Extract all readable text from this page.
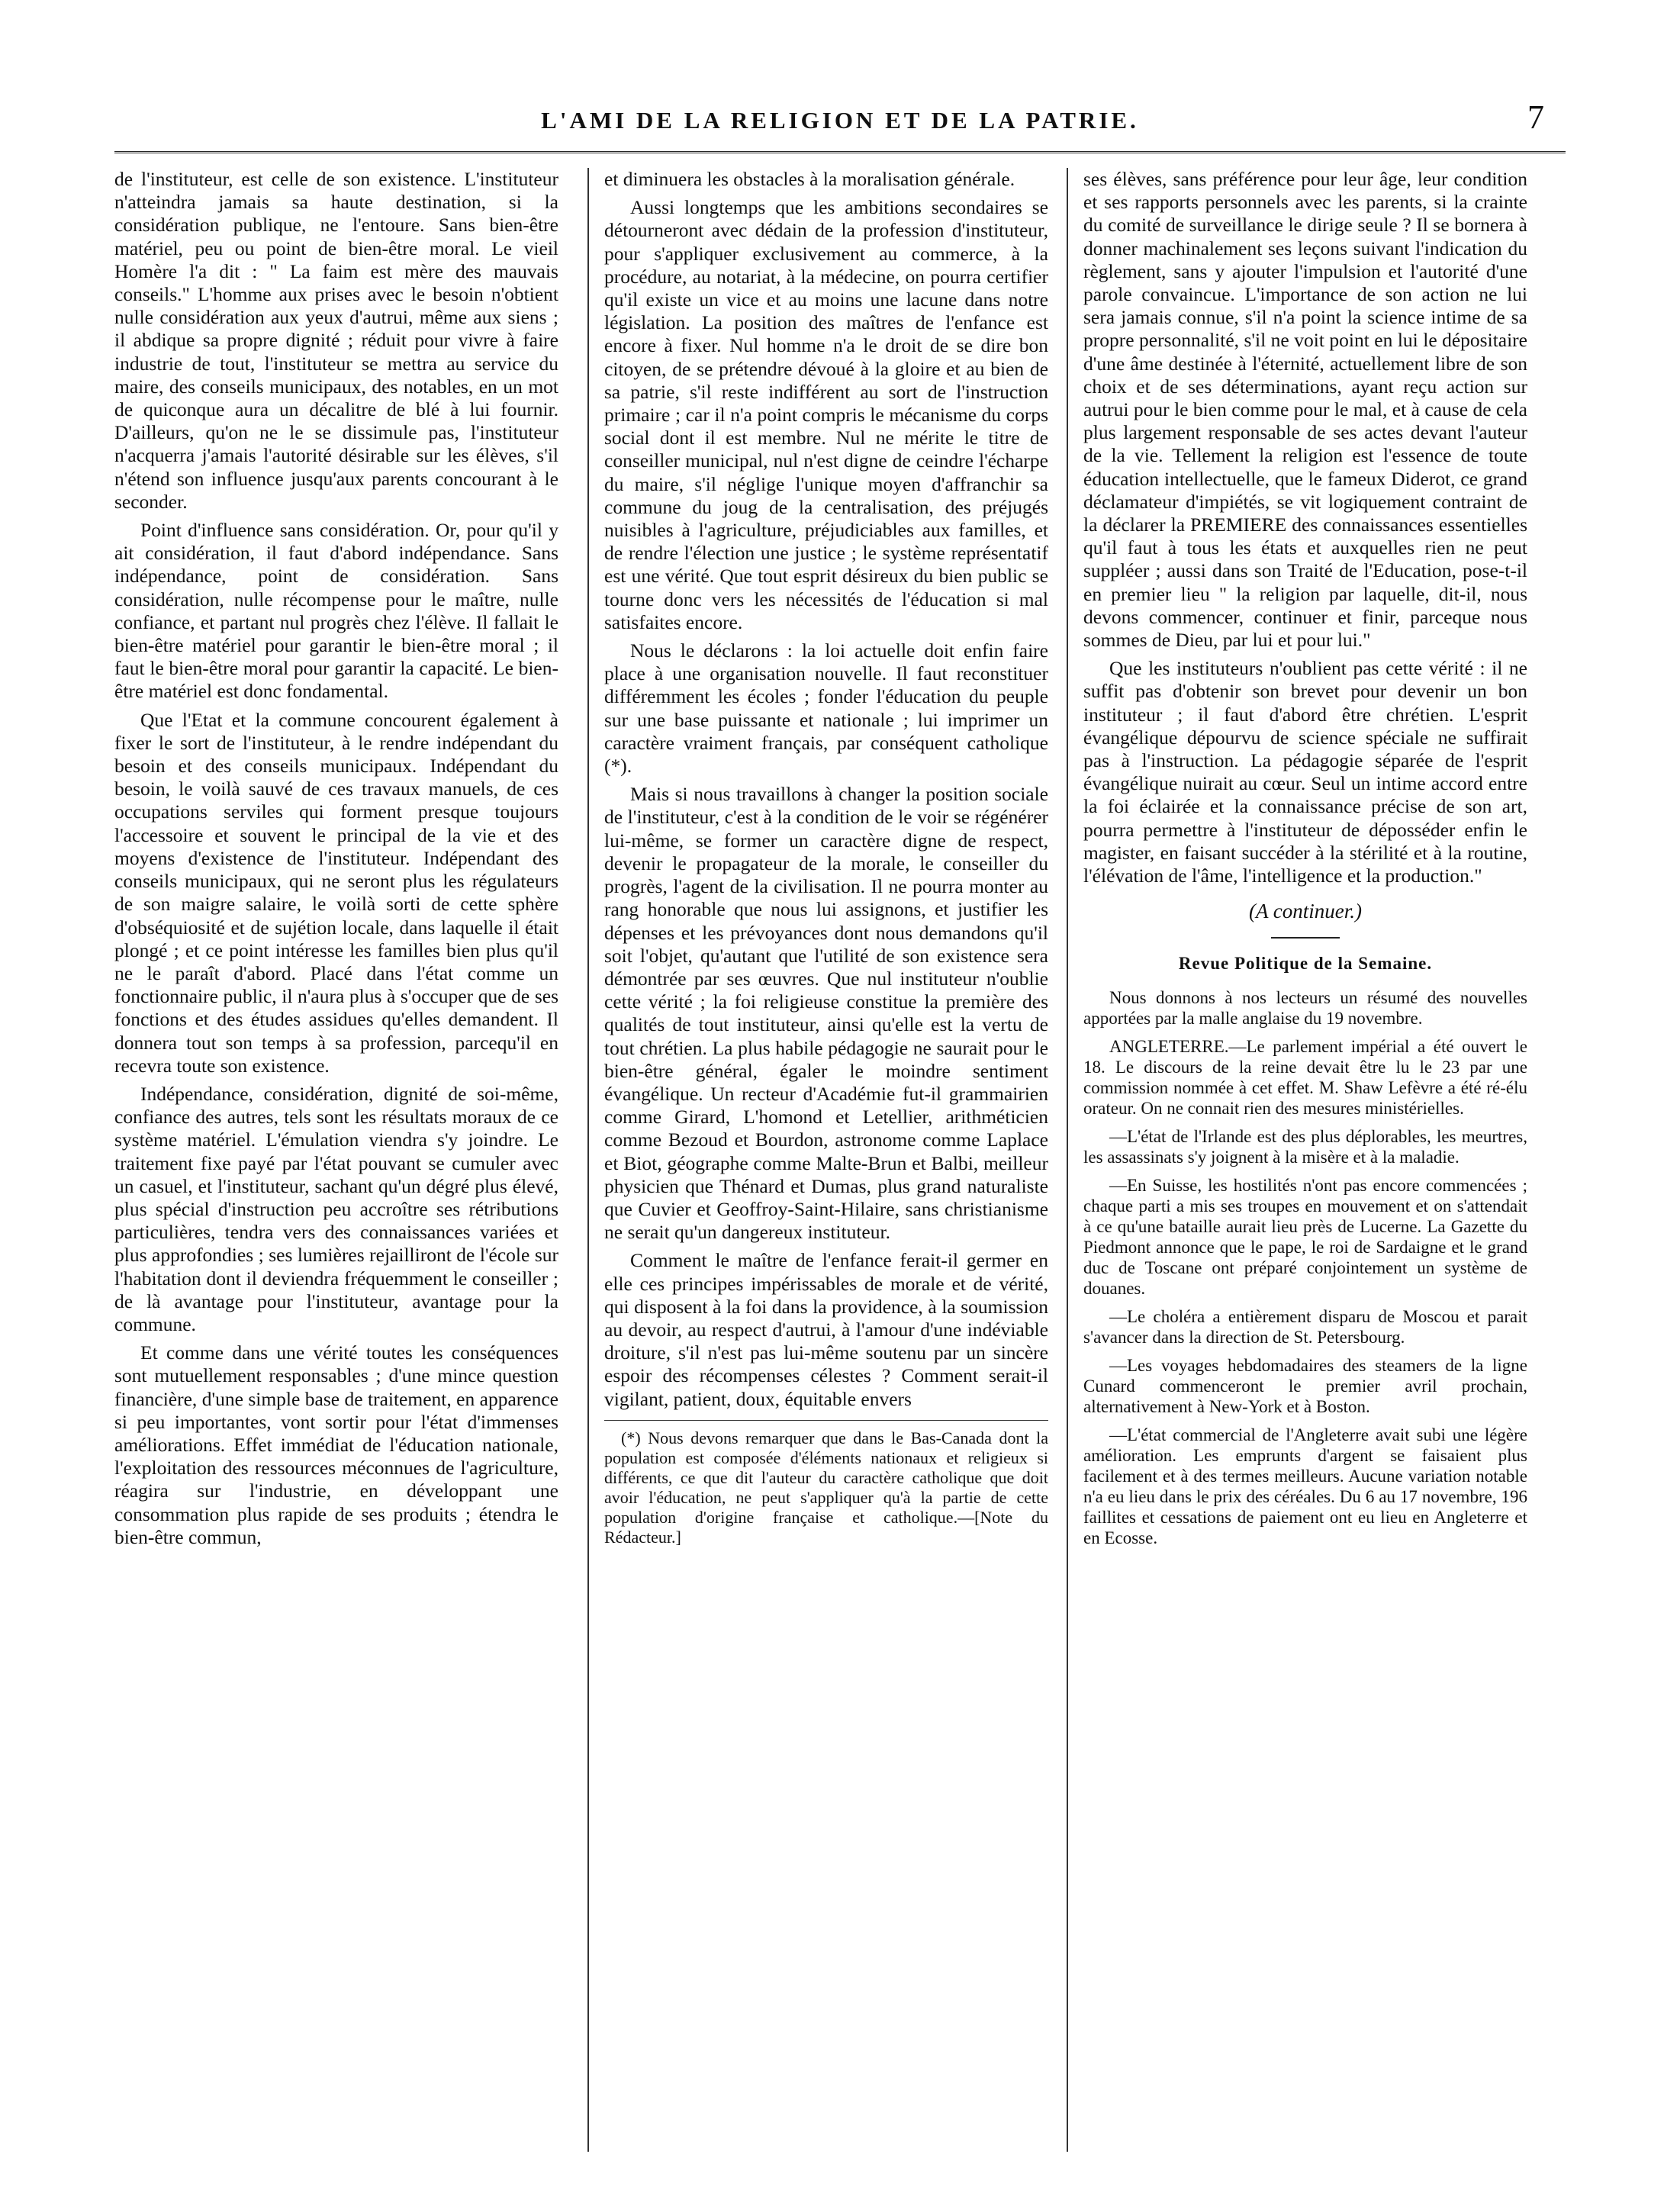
L'AMI DE LA RELIGION ET DE LA PATRIE.	7

de l'instituteur, est celle de son existence. L'instituteur n'atteindra jamais sa haute destination, si la considération publique, ne l'entoure. Sans bien-être matériel, peu ou point de bien-être moral. Le vieil Homère l'a dit : " La faim est mère des mauvais conseils." L'homme aux prises avec le besoin n'obtient nulle considération aux yeux d'autrui, même aux siens ; il abdique sa propre dignité ; réduit pour vivre à faire industrie de tout, l'instituteur se mettra au service du maire, des conseils municipaux, des notables, en un mot de quiconque aura un décalitre de blé à lui fournir. D'ailleurs, qu'on ne le se dissimule pas, l'instituteur n'acquerra j'amais l'autorité désirable sur les élèves, s'il n'étend son influence jusqu'aux parents concourant à le seconder.

Point d'influence sans considération. Or, pour qu'il y ait considération, il faut d'abord indépendance. Sans indépendance, point de considération. Sans considération, nulle récompense pour le maître, nulle confiance, et partant nul progrès chez l'élève. Il fallait le bien-être matériel pour garantir le bien-être moral ; il faut le bien-être moral pour garantir la capacité. Le bien-être matériel est donc fondamental.

Que l'Etat et la commune concourent également à fixer le sort de l'instituteur, à le rendre indépendant du besoin et des conseils municipaux. Indépendant du besoin, le voilà sauvé de ces travaux manuels, de ces occupations serviles qui forment presque toujours l'accessoire et souvent le principal de la vie et des moyens d'existence de l'instituteur. Indépendant des conseils municipaux, qui ne seront plus les régulateurs de son maigre salaire, le voilà sorti de cette sphère d'obséquiosité et de sujétion locale, dans laquelle il était plongé ; et ce point intéresse les familles bien plus qu'il ne le paraît d'abord. Placé dans l'état comme un fonctionnaire public, il n'aura plus à s'occuper que de ses fonctions et des études assidues qu'elles demandent. Il donnera tout son temps à sa profession, parcequ'il en recevra toute son existence.

Indépendance, considération, dignité de soi-même, confiance des autres, tels sont les résultats moraux de ce système matériel. L'émulation viendra s'y joindre. Le traitement fixe payé par l'état pouvant se cumuler avec un casuel, et l'instituteur, sachant qu'un dégré plus élevé, plus spécial d'instruction peu accroître ses rétributions particulières, tendra vers des connaissances variées et plus approfondies ; ses lumières rejailliront de l'école sur l'habitation dont il deviendra fréquemment le conseiller ; de là avantage pour l'instituteur, avantage pour la commune.

Et comme dans une vérité toutes les conséquences sont mutuellement responsables ; d'une mince question financière, d'une simple base de traitement, en apparence si peu importantes, vont sortir pour l'état d'immenses améliorations. Effet immédiat de l'éducation nationale, l'exploitation des ressources méconnues de l'agriculture, réagira sur l'industrie, en développant une consommation plus rapide de ses produits ; étendra le bien-être commun,

et diminuera les obstacles à la moralisation générale.

Aussi longtemps que les ambitions secondaires se détourneront avec dédain de la profession d'instituteur, pour s'appliquer exclusivement au commerce, à la procédure, au notariat, à la médecine, on pourra certifier qu'il existe un vice et au moins une lacune dans notre législation. La position des maîtres de l'enfance est encore à fixer. Nul homme n'a le droit de se dire bon citoyen, de se prétendre dévoué à la gloire et au bien de sa patrie, s'il reste indifférent au sort de l'instruction primaire ; car il n'a point compris le mécanisme du corps social dont il est membre. Nul ne mérite le titre de conseiller municipal, nul n'est digne de ceindre l'écharpe du maire, s'il néglige l'unique moyen d'affranchir sa commune du joug de la centralisation, des préjugés nuisibles à l'agriculture, préjudiciables aux familles, et de rendre l'élection une justice ; le système représentatif est une vérité. Que tout esprit désireux du bien public se tourne donc vers les nécessités de l'éducation si mal satisfaites encore.

Nous le déclarons : la loi actuelle doit enfin faire place à une organisation nouvelle. Il faut reconstituer différemment les écoles ; fonder l'éducation du peuple sur une base puissante et nationale ; lui imprimer un caractère vraiment français, par conséquent catholique (*).

Mais si nous travaillons à changer la position sociale de l'instituteur, c'est à la condition de le voir se régénérer lui-même, se former un caractère digne de respect, devenir le propagateur de la morale, le conseiller du progrès, l'agent de la civilisation. Il ne pourra monter au rang honorable que nous lui assignons, et justifier les dépenses et les prévoyances dont nous demandons qu'il soit l'objet, qu'autant que l'utilité de son existence sera démontrée par ses œuvres. Que nul instituteur n'oublie cette vérité ; la foi religieuse constitue la première des qualités de tout instituteur, ainsi qu'elle est la vertu de tout chrétien. La plus habile pédagogie ne saurait pour le bien-être général, égaler le moindre sentiment évangélique. Un recteur d'Académie fut-il grammairien comme Girard, L'homond et Letellier, arithméticien comme Bezoud et Bourdon, astronome comme Laplace et Biot, géographe comme Malte-Brun et Balbi, meilleur physicien que Thénard et Dumas, plus grand naturaliste que Cuvier et Geoffroy-Saint-Hilaire, sans christianisme ne serait qu'un dangereux instituteur.

Comment le maître de l'enfance ferait-il germer en elle ces principes impérissables de morale et de vérité, qui disposent à la foi dans la providence, à la soumission au devoir, au respect d'autrui, à l'amour d'une indéviable droiture, s'il n'est pas lui-même soutenu par un sincère espoir des récompenses célestes ? Comment serait-il vigilant, patient, doux, équitable envers

(*) Nous devons remarquer que dans le Bas-Canada dont la population est composée d'éléments nationaux et religieux si différents, ce que dit l'auteur du caractère catholique que doit avoir l'éducation, ne peut s'appliquer qu'à la partie de cette population d'origine française et catholique.—[Note du Rédacteur.]

ses élèves, sans préférence pour leur âge, leur condition et ses rapports personnels avec les parents, si la crainte du comité de surveillance le dirige seule ? Il se bornera à donner machinalement ses leçons suivant l'indication du règlement, sans y ajouter l'impulsion et l'autorité d'une parole convaincue. L'importance de son action ne lui sera jamais connue, s'il n'a point la science intime de sa propre personnalité, s'il ne voit point en lui le dépositaire d'une âme destinée à l'éternité, actuellement libre de son choix et de ses déterminations, ayant reçu action sur autrui pour le bien comme pour le mal, et à cause de cela plus largement responsable de ses actes devant l'auteur de la vie. Tellement la religion est l'essence de toute éducation intellectuelle, que le fameux Diderot, ce grand déclamateur d'impiétés, se vit logiquement contraint de la déclarer la PREMIERE des connaissances essentielles qu'il faut à tous les états et auxquelles rien ne peut suppléer ; aussi dans son Traité de l'Education, pose-t-il en premier lieu " la religion par laquelle, dit-il, nous devons commencer, continuer et finir, parceque nous sommes de Dieu, par lui et pour lui."

Que les instituteurs n'oublient pas cette vérité : il ne suffit pas d'obtenir son brevet pour devenir un bon instituteur ; il faut d'abord être chrétien. L'esprit évangélique dépourvu de science spéciale ne suffirait pas à l'instruction. La pédagogie séparée de l'esprit évangélique nuirait au cœur. Seul un intime accord entre la foi éclairée et la connaissance précise de son art, pourra permettre à l'instituteur de déposséder enfin le magister, en faisant succéder à la stérilité et à la routine, l'élévation de l'âme, l'intelligence et la production."

(A continuer.)
Revue Politique de la Semaine.

Nous donnons à nos lecteurs un résumé des nouvelles apportées par la malle anglaise du 19 novembre.

ANGLETERRE.—Le parlement impérial a été ouvert le 18. Le discours de la reine devait être lu le 23 par une commission nommée à cet effet. M. Shaw Lefèvre a été ré-élu orateur. On ne connait rien des mesures ministérielles.

—L'état de l'Irlande est des plus déplorables, les meurtres, les assassinats s'y joignent à la misère et à la maladie.

—En Suisse, les hostilités n'ont pas encore commencées ; chaque parti a mis ses troupes en mouvement et on s'attendait à ce qu'une bataille aurait lieu près de Lucerne. La Gazette du Piedmont annonce que le pape, le roi de Sardaigne et le grand duc de Toscane ont préparé conjointement un système de douanes.

—Le choléra a entièrement disparu de Moscou et parait s'avancer dans la direction de St. Petersbourg.

—Les voyages hebdomadaires des steamers de la ligne Cunard commenceront le premier avril prochain, alternativement à New-York et à Boston.

—L'état commercial de l'Angleterre avait subi une légère amélioration. Les emprunts d'argent se faisaient plus facilement et à des termes meilleurs. Aucune variation notable n'a eu lieu dans le prix des céréales. Du 6 au 17 novembre, 196 faillites et cessations de paiement ont eu lieu en Angleterre et en Ecosse.
